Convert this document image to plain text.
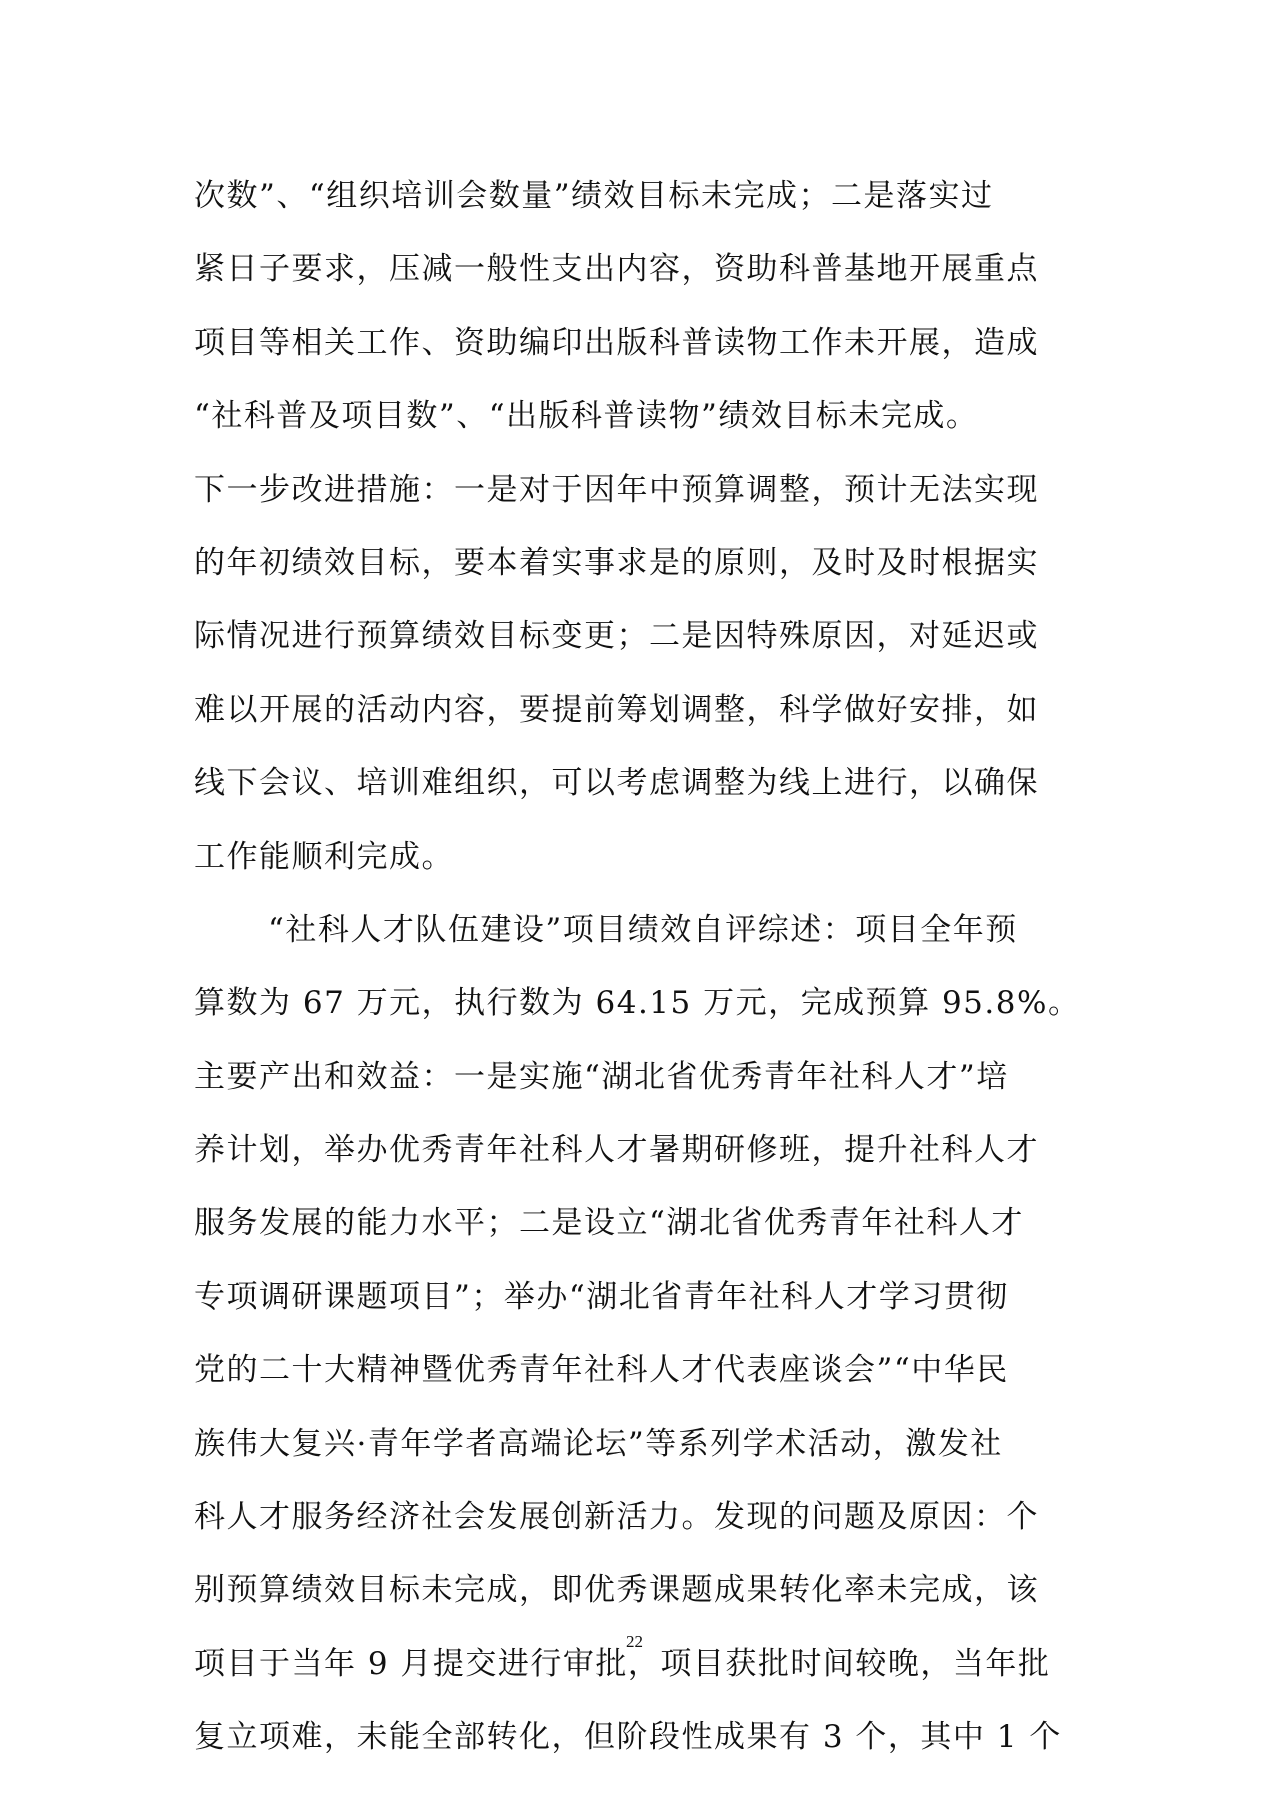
次数”、“组织培训会数量”绩效目标未完成；二是落实过
紧日子要求，压减一般性支出内容，资助科普基地开展重点
项目等相关工作、资助编印出版科普读物工作未开展，造成
“社科普及项目数”、“出版科普读物”绩效目标未完成。
下一步改进措施：一是对于因年中预算调整，预计无法实现
的年初绩效目标，要本着实事求是的原则，及时及时根据实
际情况进行预算绩效目标变更；二是因特殊原因，对延迟或
难以开展的活动内容，要提前筹划调整，科学做好安排，如
线下会议、培训难组织，可以考虑调整为线上进行，以确保
工作能顺利完成。
“社科人才队伍建设”项目绩效自评综述：项目全年预
算数为 67 万元，执行数为 64.15 万元，完成预算 95.8%。
主要产出和效益：一是实施“湖北省优秀青年社科人才”培
养计划，举办优秀青年社科人才暑期研修班，提升社科人才
服务发展的能力水平；二是设立“湖北省优秀青年社科人才
专项调研课题项目”；举办“湖北省青年社科人才学习贯彻
党的二十大精神暨优秀青年社科人才代表座谈会”“中华民
族伟大复兴·青年学者高端论坛”等系列学术活动，激发社
科人才服务经济社会发展创新活力。发现的问题及原因：个
别预算绩效目标未完成，即优秀课题成果转化率未完成，该
项目于当年 9 月提交进行审批，项目获批时间较晚，当年批
复立项难，未能全部转化，但阶段性成果有 3 个，其中 1 个
22
